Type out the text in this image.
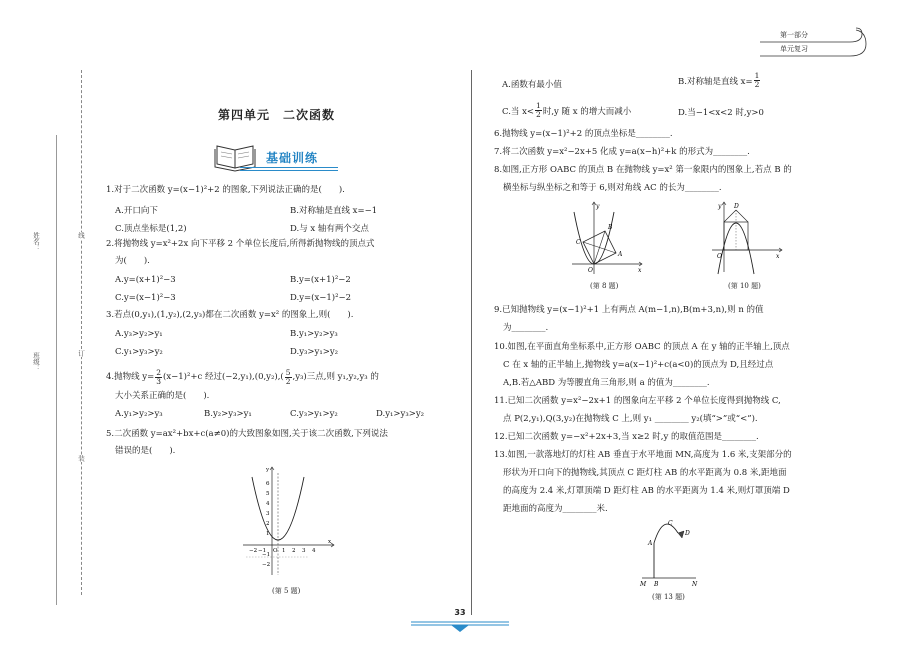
第一部分
单元复习
线
订
装
姓名：
班级：
第四单元　二次函数
基础训练
1.对于二次函数 y=(x−1)²+2 的图象,下列说法正确的是(　　).
A.开口向下	B.对称轴是直线 x=−1
C.顶点坐标是(1,2)	D.与 x 轴有两个交点
2.将抛物线 y=x²+2x 向下平移 2 个单位长度后,所得新抛物线的顶点式
为(　　).
A.y=(x+1)²−3	B.y=(x+1)²−2
C.y=(x−1)²−3	D.y=(x−1)²−2
3.若点(0,y₁),(1,y₂),(2,y₃)都在二次函数 y=x² 的图象上,则(　　).
A.y₃>y₂>y₁	B.y₁>y₂>y₃
C.y₁>y₃>y₂	D.y₃>y₁>y₂
4.抛物线 $y= \frac{2}{3} (x-1)^2+c$ 经过$(-2,y_1),(0,y_2),( \frac{5}{2} ,y_3)$三点,则 y₁,y₂,y₃ 的
大小关系正确的是(　　).
A.y₁>y₂>y₃	B.y₂>y₃>y₁	C.y₃>y₁>y₂	D.y₁>y₃>y₂
5.二次函数 y=ax²+bx+c(a≠0)的大致图象如图,关于该二次函数,下列说法
错误的是(　　).
y
x
O
−2 −1	1 2 3 4
6
5
4
3
2
1
−1
−2
(第 5 题)
A.函数有最小值	B.对称轴是直线 $x= \frac{1}{2}$
C.当 $x< \frac{1}{2}$ 时,y 随 x 的增大而减小	D.当−1<x<2 时,y>0
6.抛物线 y=(x−1)²+2 的顶点坐标是________.
7.将二次函数 y=x²−2x+5 化成 y=a(x−h)²+k 的形式为________.
8.如图,正方形 OABC 的顶点 B 在抛物线 y=x² 第一象限内的图象上,若点 B 的
横坐标与纵坐标之和等于 6,则对角线 AC 的长为________.
y
x
O
A
B
C
(第 8 题)
y
x
O
D
(第 10 题)
9.已知抛物线 y=(x−1)²+1 上有两点 A(m−1,n),B(m+3,n),则 n 的值
为________.
10.如图,在平面直角坐标系中,正方形 OABC 的顶点 A 在 y 轴的正半轴上,顶点
C 在 x 轴的正半轴上,抛物线 y=a(x−1)²+c(a<0)的顶点为 D,且经过点
A,B.若△ABD 为等腰直角三角形,则 a 的值为________.
11.已知二次函数 y=x²−2x+1 的图象向左平移 2 个单位长度得到抛物线 C,
点 P(2,y₁),Q(3,y₂)在抛物线 C 上,则 y₁ ________ y₂(填“>”或“<”).
12.已知二次函数 y=−x²+2x+3,当 x≥2 时,y 的取值范围是________.
13.如图,一款落地灯的灯柱 AB 垂直于水平地面 MN,高度为 1.6 米,支架部分的
形状为开口向下的抛物线,其顶点 C 距灯柱 AB 的水平距离为 0.8 米,距地面
的高度为 2.4 米,灯罩顶端 D 距灯柱 AB 的水平距离为 1.4 米,则灯罩顶端 D
距地面的高度为________米.
A
B
C
D
M	N
(第 13 题)
33
